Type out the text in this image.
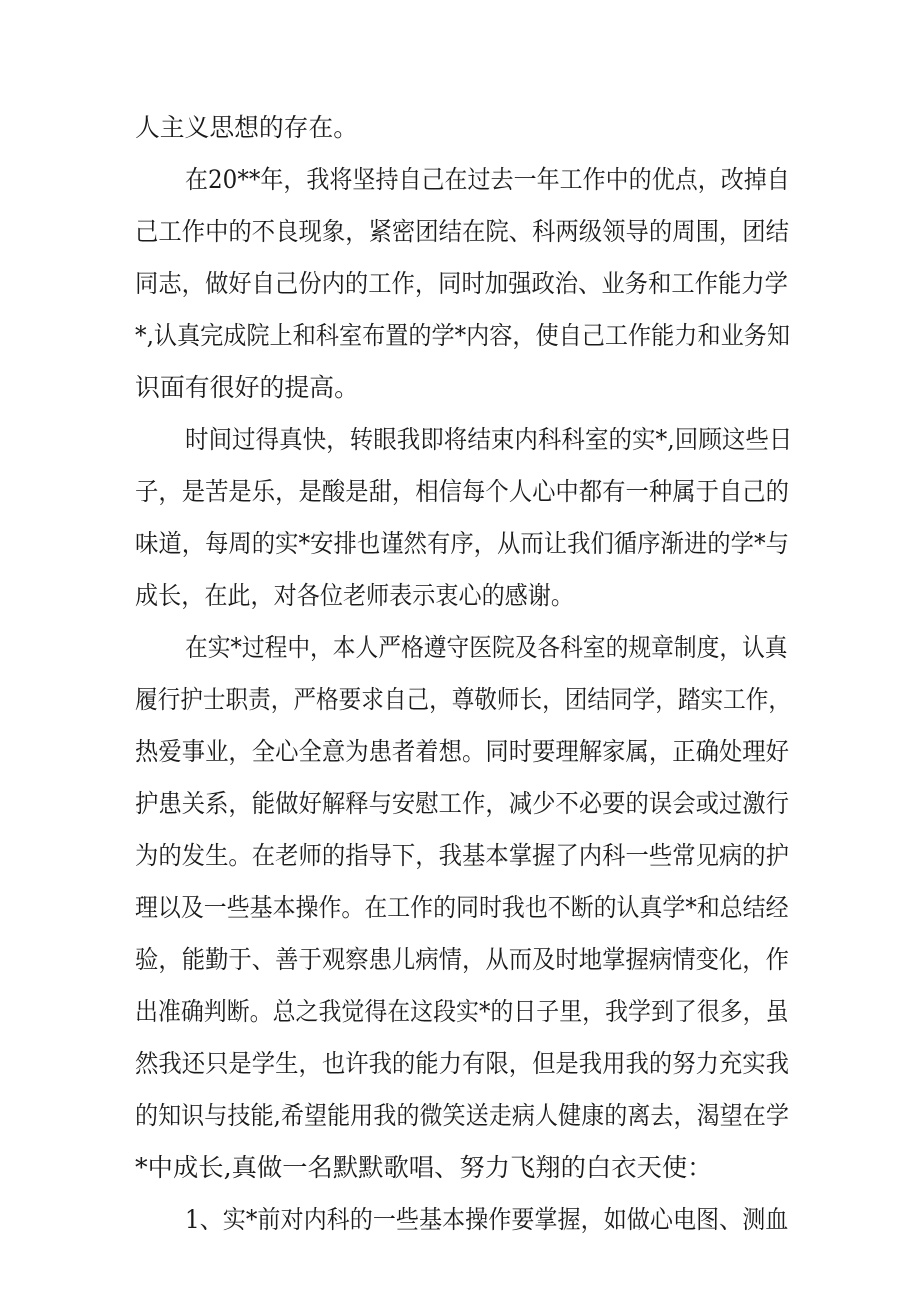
人主义思想的存在。
在20**年，我将坚持自己在过去一年工作中的优点，改掉自
己工作中的不良现象，紧密团结在院、科两级领导的周围，团结
同志，做好自己份内的工作，同时加强政治、业务和工作能力学
*,认真完成院上和科室布置的学*内容，使自己工作能力和业务知
识面有很好的提高。
时间过得真快，转眼我即将结束内科科室的实*,回顾这些日
子，是苦是乐，是酸是甜，相信每个人心中都有一种属于自己的
味道，每周的实*安排也谨然有序，从而让我们循序渐进的学*与
成长，在此，对各位老师表示衷心的感谢。
在实*过程中，本人严格遵守医院及各科室的规章制度，认真
履行护士职责，严格要求自己，尊敬师长，团结同学，踏实工作，
热爱事业，全心全意为患者着想。同时要理解家属，正确处理好
护患关系，能做好解释与安慰工作，减少不必要的误会或过激行
为的发生。在老师的指导下，我基本掌握了内科一些常见病的护
理以及一些基本操作。在工作的同时我也不断的认真学*和总结经
验，能勤于、善于观察患儿病情，从而及时地掌握病情变化，作
出准确判断。总之我觉得在这段实*的日子里，我学到了很多，虽
然我还只是学生，也许我的能力有限，但是我用我的努力充实我
的知识与技能,希望能用我的微笑送走病人健康的离去，渴望在学
*中成长,真做一名默默歌唱、努力飞翔的白衣天使：
1、实*前对内科的一些基本操作要掌握，如做心电图、测血
